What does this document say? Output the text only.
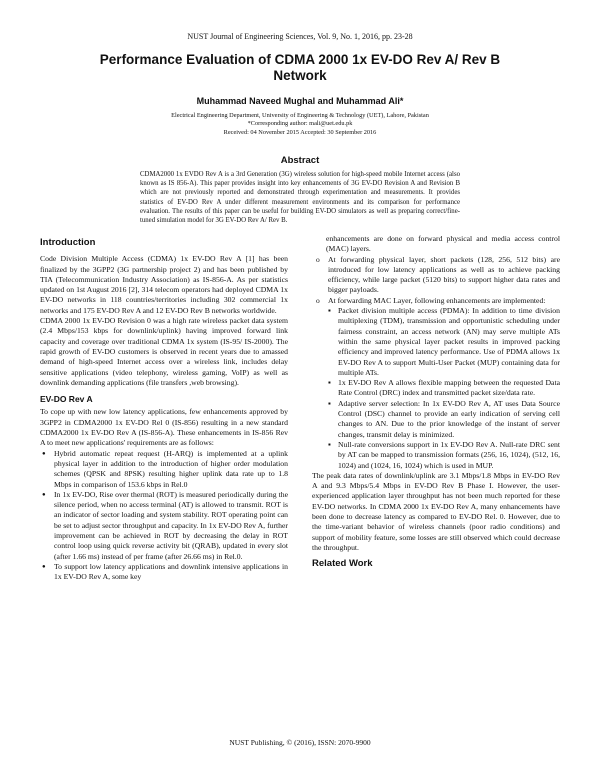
NUST Journal of Engineering Sciences, Vol. 9, No. 1, 2016, pp. 23-28
Performance Evaluation of CDMA 2000 1x EV-DO Rev A/ Rev B
Network
Muhammad Naveed Mughal and Muhammad Ali*
Electrical Engineering Department, University of Engineering & Technology (UET), Lahore, Pakistan
*Corresponding author: mali@uet.edu.pk
Received: 04 November 2015 Accepted: 30 September 2016
Abstract
CDMA2000 1x EVDO Rev A is a 3rd Generation (3G) wireless solution for high-speed mobile Internet access (also known as IS 856-A). This paper provides insight into key enhancements of 3G EV-DO Revision A and Revision B which are not previously reported and demonstrated through experimentation and measurements. It provides statistics of EV-DO Rev A under different measurement environments and its comparison for performance evaluation. The results of this paper can be useful for building EV-DO simulators as well as preparing correct/fine-tuned simulation model for 3G EV-DO Rev A/ Rev B.
Introduction

Code Division Multiple Access (CDMA) 1x EV-DO Rev A [1] has been finalized by the 3GPP2 (3G partnership project 2) and has been published by TIA (Telecommunication Industry Association) as IS-856-A. As per statistics updated on 1st August 2016 [2], 314 telecom operators had deployed CDMA 1x EV-DO networks in 118 countries/territories including 302 commercial 1x networks and 175 EV-DO Rev A and 12 EV-DO Rev B networks worldwide.

CDMA 2000 1x EV-DO Revision 0 was a high rate wireless packet data system (2.4 Mbps/153 kbps for downlink/uplink) having improved forward link capacity and coverage over traditional CDMA 1x system (IS-95/ IS-2000). The rapid growth of EV-DO customers is observed in recent years due to amassed demand of high-speed Internet access over a wireless link, includes delay sensitive applications (video telephony, wireless gaming, VoIP) as well as downlink demanding applications (file transfers ,web browsing).

EV-DO Rev A

To cope up with new low latency applications, few enhancements approved by 3GPP2 in CDMA2000 1x EV-DO Rel 0 (IS-856) resulting in a new standard CDMA2000 1x EV-DO Rev A (IS-856-A). These enhancements in IS-856 Rev A to meet new applications' requirements are as follows:

● Hybrid automatic repeat request (H-ARQ) is implemented at a uplink physical layer in addition to the introduction of higher order modulation schemes (QPSK and 8PSK) resulting higher uplink data rate up to 1.8 Mbps in comparison of 153.6 kbps in Rel.0
● In 1x EV-DO, Rise over thermal (ROT) is measured periodically during the silence period, when no access terminal (AT) is allowed to transmit. ROT is an indicator of sector loading and system stability. ROT operating point can be set to adjust sector throughput and capacity. In 1x EV-DO Rev A, further improvement can be achieved in ROT by decreasing the delay in ROT control loop using quick reverse activity bit (QRAB), updated in every slot (after 1.66 ms) instead of per frame (after 26.66 ms) in Rel.0.
● To support low latency applications and downlink intensive applications in 1x EV-DO Rev A, some key

enhancements are done on forward physical and media access control (MAC) layers.

o At forwarding physical layer, short packets (128, 256, 512 bits) are introduced for low latency applications as well as to achieve packing efficiency, while large packet (5120 bits) to support higher data rates and bigger payloads.
o At forwarding MAC Layer, following enhancements are implemented:
▪ Packet division multiple access (PDMA): In addition to time division multiplexing (TDM), transmission and opportunistic scheduling under fairness constraint, an access network (AN) may serve multiple ATs within the same physical layer packet results in improved packing efficiency and improved latency performance. Use of PDMA allows 1x EV-DO Rev A to support Multi-User Packet (MUP) containing data for multiple ATs.
▪ 1x EV-DO Rev A allows flexible mapping between the requested Data Rate Control (DRC) index and transmitted packet size/data rate.
▪ Adaptive server selection: In 1x EV-DO Rev A, AT uses Data Source Control (DSC) channel to provide an early indication of serving cell changes to AN. Due to the prior knowledge of the instant of server changes, transmit delay is minimized.
▪ Null-rate conversions support in 1x EV-DO Rev A. Null-rate DRC sent by AT can be mapped to transmission formats (256, 16, 1024), (512, 16, 1024) and (1024, 16, 1024) which is used in MUP.

The peak data rates of downlink/uplink are 3.1 Mbps/1.8 Mbps in EV-DO Rev A and 9.3 Mbps/5.4 Mbps in EV-DO Rev B Phase I. However, the user-experienced application layer throughput has not been much reported for these EV-DO networks. In CDMA 2000 1x EV-DO Rev A, many enhancements have been done to decrease latency as compared to EV-DO Rel. 0. However, due to the time-variant behavior of wireless channels (poor radio conditions) and support of mobility feature, some losses are still observed which could decrease the throughput.

Related Work
NUST Publishing, © (2016), ISSN: 2070-9900
